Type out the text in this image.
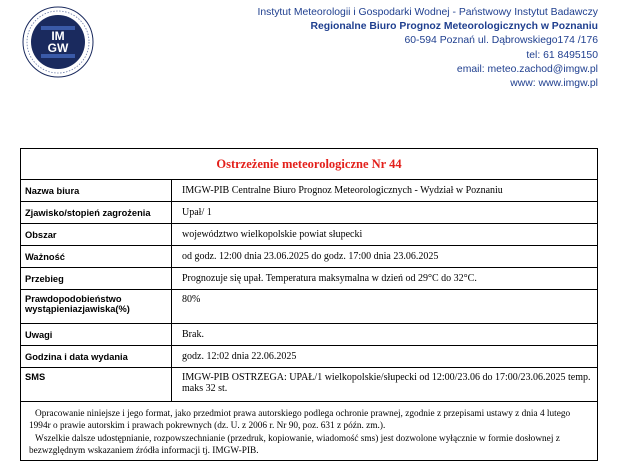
IM
GW
Instytut Meteorologii i Gospodarki Wodnej - Państwowy Instytut Badawczy
Regionalne Biuro Prognoz Meteorologicznych w Poznaniu
60-594 Poznań ul. Dąbrowskiego174 /176
tel: 61 8495150
email: meteo.zachod@imgw.pl
www: www.imgw.pl
Ostrzeżenie meteorologiczne Nr 44
Nazwa biura	IMGW-PIB Centralne Biuro Prognoz Meteorologicznych - Wydział w Poznaniu
Zjawisko/stopień zagrożenia	Upał/ 1
Obszar	województwo wielkopolskie powiat słupecki
Ważność	od godz. 12:00 dnia 23.06.2025 do godz. 17:00 dnia 23.06.2025
Przebieg	Prognozuje się upał. Temperatura maksymalna w dzień od 29°C do 32°C.
Prawdopodobieństwo wystąpieniazjawiska(%)	80%
Uwagi	Brak.
Godzina i data wydania	godz. 12:02 dnia 22.06.2025
SMS	IMGW-PIB OSTRZEGA: UPAŁ/1 wielkopolskie/słupecki od 12:00/23.06 do 17:00/23.06.2025 temp. maks 32 st.

Opracowanie niniejsze i jego format, jako przedmiot prawa autorskiego podlega ochronie prawnej, zgodnie z przepisami ustawy z dnia 4 lutego 1994r o prawie autorskim i prawach pokrewnych (dz. U. z 2006 r. Nr 90, poz. 631 z późn. zm.).

Wszelkie dalsze udostępnianie, rozpowszechnianie (przedruk, kopiowanie, wiadomość sms) jest dozwolone wyłącznie w formie dosłownej z bezwzględnym wskazaniem źródła informacji tj. IMGW-PIB.
